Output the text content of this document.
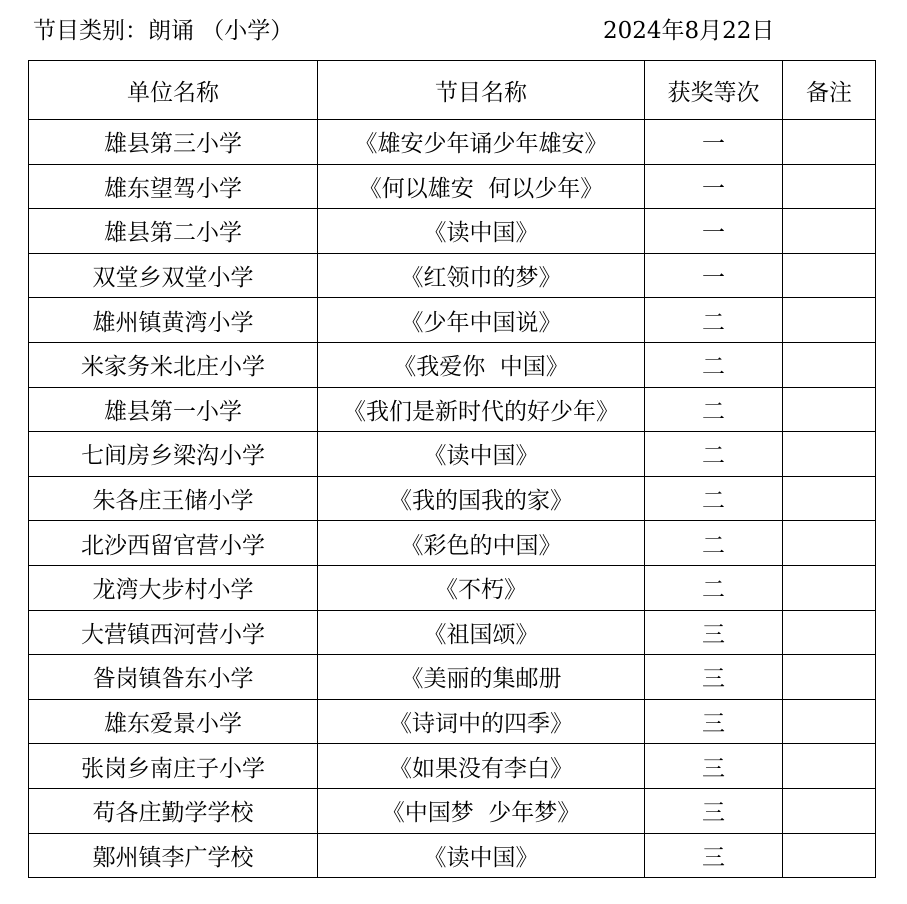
节目类别：朗诵 （小学）	2024年8月22日
单位名称	节目名称	获奖等次	备注
雄县第三小学	《雄安少年诵少年雄安》	一	
雄东望驾小学	《何以雄安  何以少年》	一	
雄县第二小学	《读中国》	一	
双堂乡双堂小学	《红领巾的梦》	一	
雄州镇黄湾小学	《少年中国说》	二	
米家务米北庄小学	《我爱你  中国》	二	
雄县第一小学	《我们是新时代的好少年》	二	
七间房乡梁沟小学	《读中国》	二	
朱各庄王储小学	《我的国我的家》	二	
北沙西留官营小学	《彩色的中国》	二	
龙湾大步村小学	《不朽》	二	
大营镇西河营小学	《祖国颂》	三	
昝岗镇昝东小学	《美丽的集邮册	三	
雄东爱景小学	《诗词中的四季》	三	
张岗乡南庄子小学	《如果没有李白》	三	
苟各庄勤学学校	《中国梦  少年梦》	三	
鄚州镇李广学校	《读中国》	三	
